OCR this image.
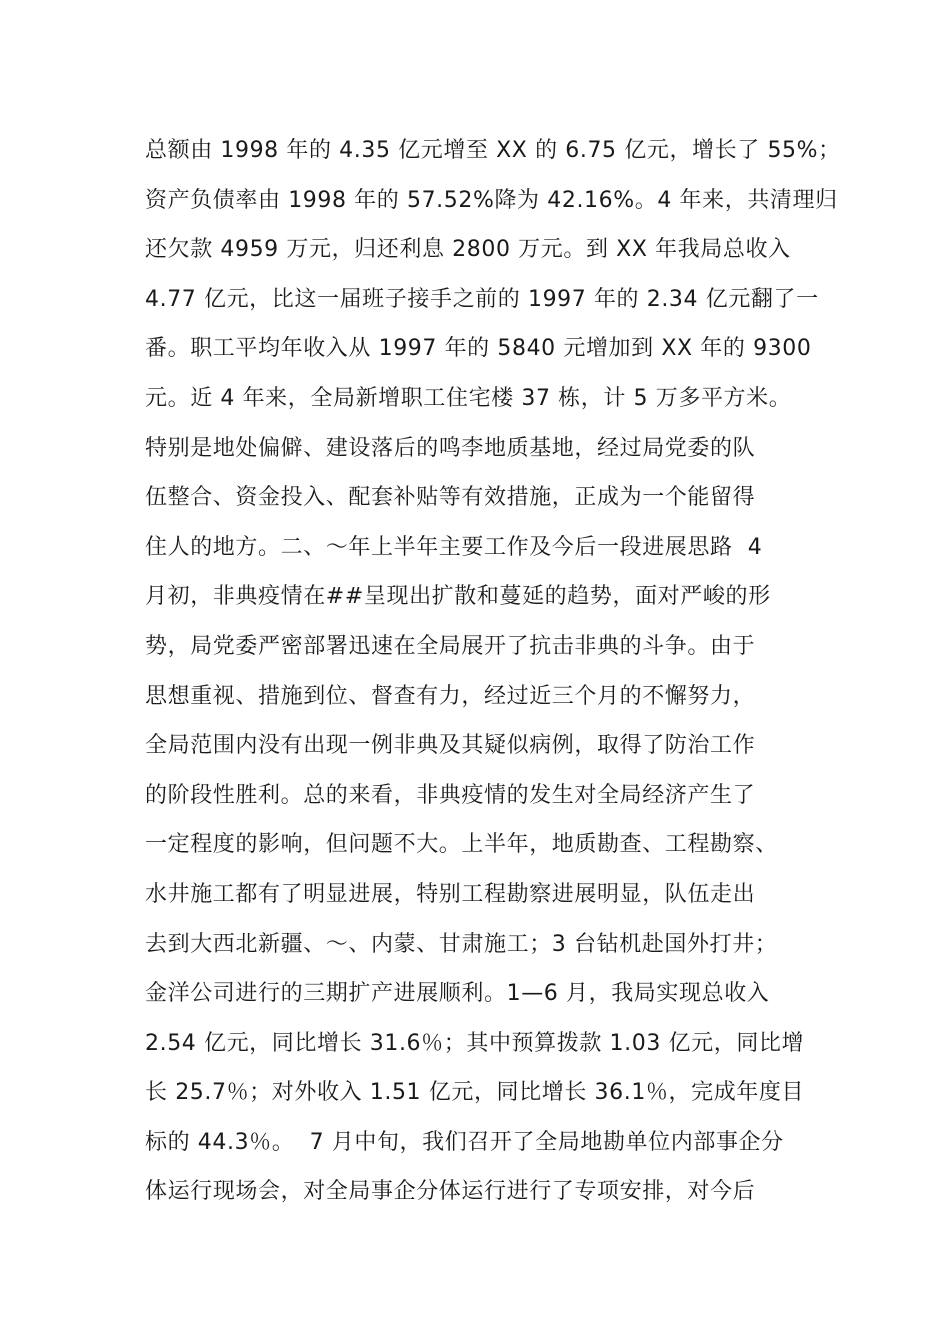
总额由 1998 年的 4.35 亿元增至 XX 的 6.75 亿元，增长了 55%；
资产负债率由 1998 年的 57.52%降为 42.16%。4 年来，共清理归
还欠款 4959 万元，归还利息 2800 万元。到 XX 年我局总收入
4.77 亿元，比这一届班子接手之前的 1997 年的 2.34 亿元翻了一
番。职工平均年收入从 1997 年的 5840 元增加到 XX 年的 9300
元。近 4 年来，全局新增职工住宅楼 37 栋，计 5 万多平方米。
特别是地处偏僻、建设落后的鸣李地质基地，经过局党委的队
伍整合、资金投入、配套补贴等有效措施，正成为一个能留得
住人的地方。二、～年上半年主要工作及今后一段进展思路  4
月初，非典疫情在##呈现出扩散和蔓延的趋势，面对严峻的形
势，局党委严密部署迅速在全局展开了抗击非典的斗争。由于
思想重视、措施到位、督查有力，经过近三个月的不懈努力，
全局范围内没有出现一例非典及其疑似病例，取得了防治工作
的阶段性胜利。总的来看，非典疫情的发生对全局经济产生了
一定程度的影响，但问题不大。上半年，地质勘查、工程勘察、
水井施工都有了明显进展，特别工程勘察进展明显，队伍走出
去到大西北新疆、～、内蒙、甘肃施工；3 台钻机赴国外打井；
金洋公司进行的三期扩产进展顺利。1—6 月，我局实现总收入
2.54 亿元，同比增长 31.6％；其中预算拨款 1.03 亿元，同比增
长 25.7％；对外收入 1.51 亿元，同比增长 36.1％，完成年度目
标的 44.3％。  7 月中旬，我们召开了全局地勘单位内部事企分
体运行现场会，对全局事企分体运行进行了专项安排，对今后
